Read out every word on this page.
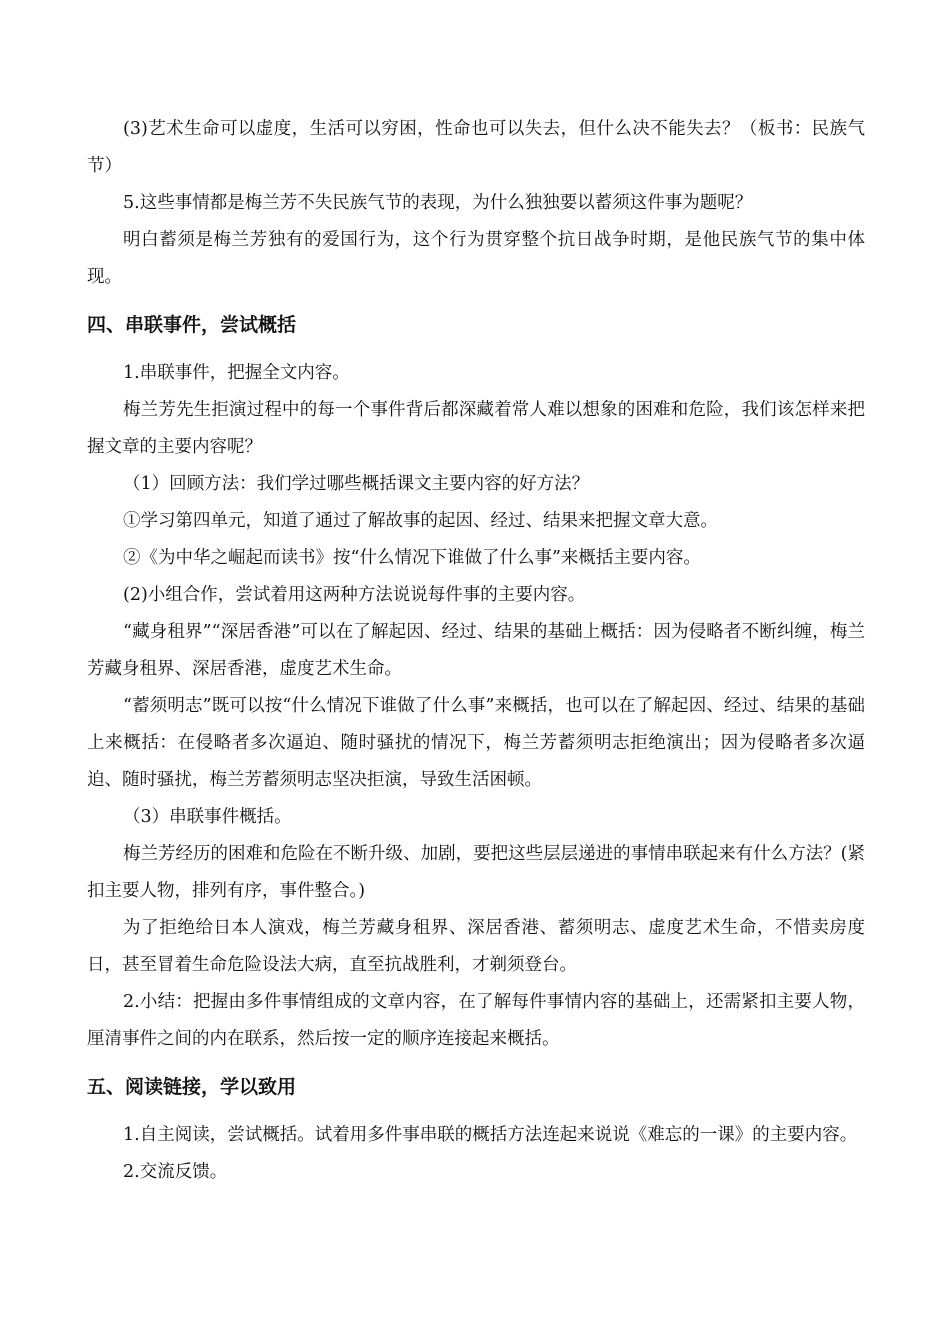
(3)艺术生命可以虚度，生活可以穷困，性命也可以失去，但什么决不能失去？（板书：民族气节）

5.这些事情都是梅兰芳不失民族气节的表现，为什么独独要以蓄须这件事为题呢？

明白蓄须是梅兰芳独有的爱国行为，这个行为贯穿整个抗日战争时期，是他民族气节的集中体现。

四、串联事件，尝试概括

1.串联事件，把握全文内容。

梅兰芳先生拒演过程中的每一个事件背后都深藏着常人难以想象的困难和危险，我们该怎样来把握文章的主要内容呢？

（1）回顾方法：我们学过哪些概括课文主要内容的好方法？

①学习第四单元，知道了通过了解故事的起因、经过、结果来把握文章大意。

②《为中华之崛起而读书》按“什么情况下谁做了什么事”来概括主要内容。

(2)小组合作，尝试着用这两种方法说说每件事的主要内容。

“藏身租界”“深居香港”可以在了解起因、经过、结果的基础上概括：因为侵略者不断纠缠，梅兰芳藏身租界、深居香港，虚度艺术生命。

“蓄须明志”既可以按“什么情况下谁做了什么事”来概括，也可以在了解起因、经过、结果的基础上来概括：在侵略者多次逼迫、随时骚扰的情况下，梅兰芳蓄须明志拒绝演出；因为侵略者多次逼迫、随时骚扰，梅兰芳蓄须明志坚决拒演，导致生活困顿。

（3）串联事件概括。

梅兰芳经历的困难和危险在不断升级、加剧，要把这些层层递进的事情串联起来有什么方法？(紧扣主要人物，排列有序，事件整合。)

为了拒绝给日本人演戏，梅兰芳藏身租界、深居香港、蓄须明志、虚度艺术生命，不惜卖房度日，甚至冒着生命危险设法大病，直至抗战胜利，才剃须登台。

2.小结：把握由多件事情组成的文章内容，在了解每件事情内容的基础上，还需紧扣主要人物，厘清事件之间的内在联系，然后按一定的顺序连接起来概括。

五、阅读链接，学以致用

1.自主阅读，尝试概括。试着用多件事串联的概括方法连起来说说《难忘的一课》的主要内容。

2.交流反馈。
